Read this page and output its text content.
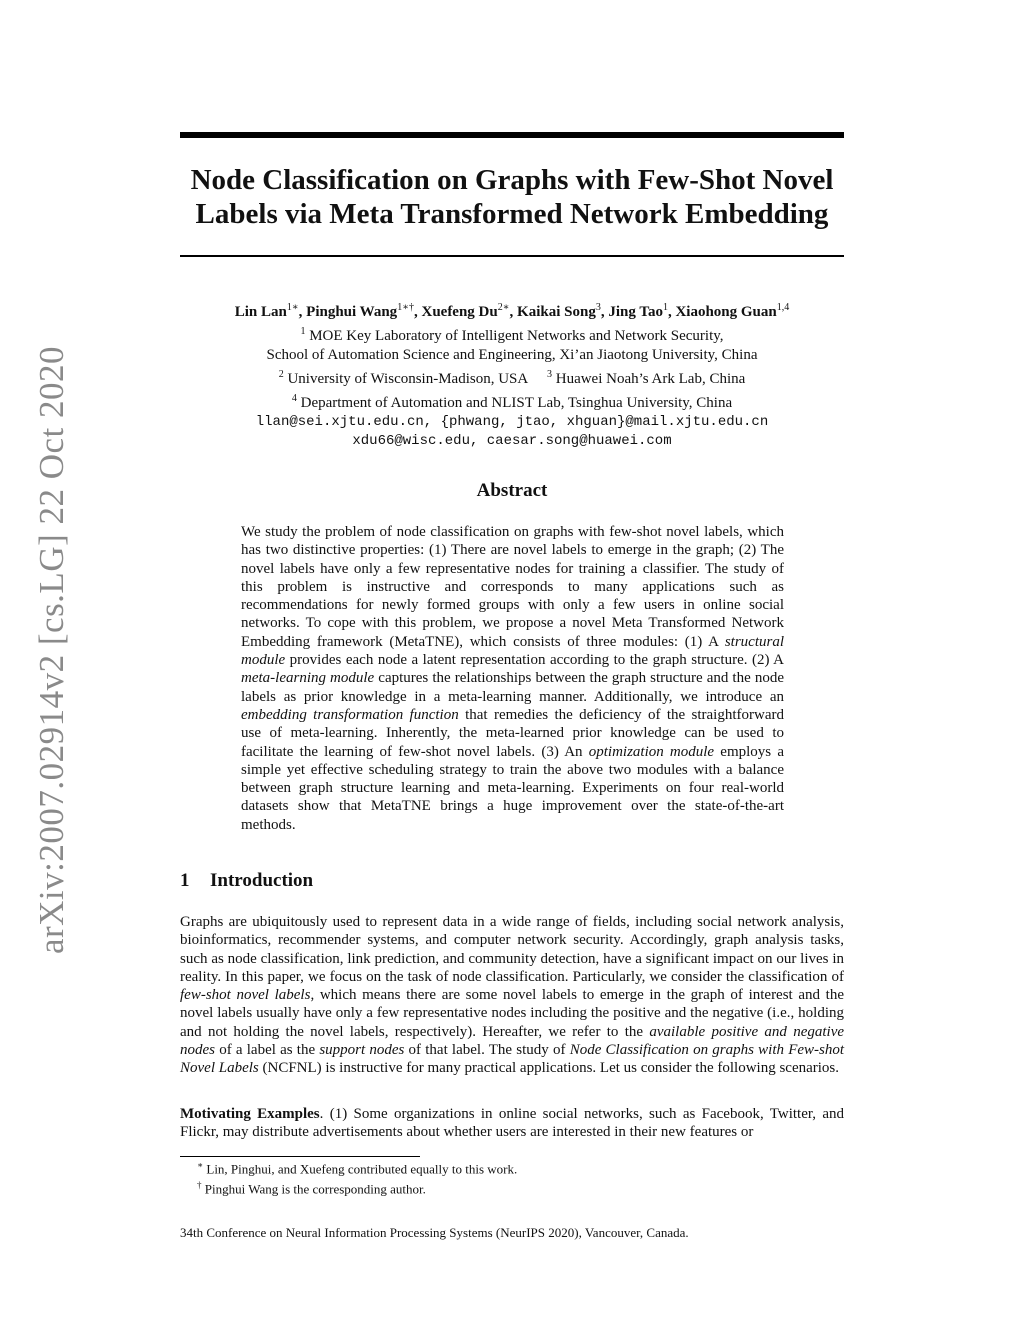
arXiv:2007.02914v2 [cs.LG] 22 Oct 2020
Node Classification on Graphs with Few-Shot Novel
Labels via Meta Transformed Network Embedding
Lin Lan$^{1∗}$, Pinghui Wang$^{1∗\dagger}$, Xuefeng $Du^{2∗}$, Kaikai Song$^3$, Jing Tao$^1$, Xiaohong Guan$^{1,4}$
$^1$ MOE Key Laboratory of Intelligent Networks and Network Security,
School of Automation Science and Engineering, Xi’an Jiaotong University, China
$^2$ University of Wisconsin-Madison, USA $^3$ Huawei Noah’s Ark Lab, China
$^4$ Department of Automation and NLIST Lab, Tsinghua University, China
llan@sei.xjtu.edu.cn, {phwang, jtao, xhguan}@mail.xjtu.edu.cn
xdu66@wisc.edu, caesar.song@huawei.com
Abstract
We study the problem of node classification on graphs with few-shot novel labels, which has two distinctive properties: (1) There are novel labels to emerge in the graph; (2) The novel labels have only a few representative nodes for training a classifier. The study of this problem is instructive and corresponds to many applications such as recommendations for newly formed groups with only a few users in online social networks. To cope with this problem, we propose a novel Meta Transformed Network Embedding framework (MetaTNE), which consists of three modules: (1) A structural module provides each node a latent representation according to the graph structure. (2) A meta-learning module captures the relationships between the graph structure and the node labels as prior knowledge in a meta-learning manner. Additionally, we introduce an embedding transformation function that remedies the deficiency of the straightforward use of meta-learning. Inherently, the meta-learned prior knowledge can be used to facilitate the learning of few-shot novel labels. (3) An optimization module employs a simple yet effective scheduling strategy to train the above two modules with a balance between graph structure learning and meta-learning. Experiments on four real-world datasets show that MetaTNE brings a huge improvement over the state-of-the-art methods.
1 Introduction
Graphs are ubiquitously used to represent data in a wide range of fields, including social network analysis, bioinformatics, recommender systems, and computer network security. Accordingly, graph analysis tasks, such as node classification, link prediction, and community detection, have a significant impact on our lives in reality. In this paper, we focus on the task of node classification. Particularly, we consider the classification of few-shot novel labels, which means there are some novel labels to emerge in the graph of interest and the novel labels usually have only a few representative nodes including the positive and the negative (i.e., holding and not holding the novel labels, respectively). Hereafter, we refer to the available positive and negative nodes of a label as the support nodes of that label. The study of Node Classification on graphs with Few-shot Novel Labels (NCFNL) is instructive for many practical applications. Let us consider the following scenarios.
Motivating Examples. (1) Some organizations in online social networks, such as Facebook, Twitter, and Flickr, may distribute advertisements about whether users are interested in their new features or
∗ Lin, Pinghui, and Xuefeng contributed equally to this work.
† Pinghui Wang is the corresponding author.
34th Conference on Neural Information Processing Systems (NeurIPS 2020), Vancouver, Canada.
